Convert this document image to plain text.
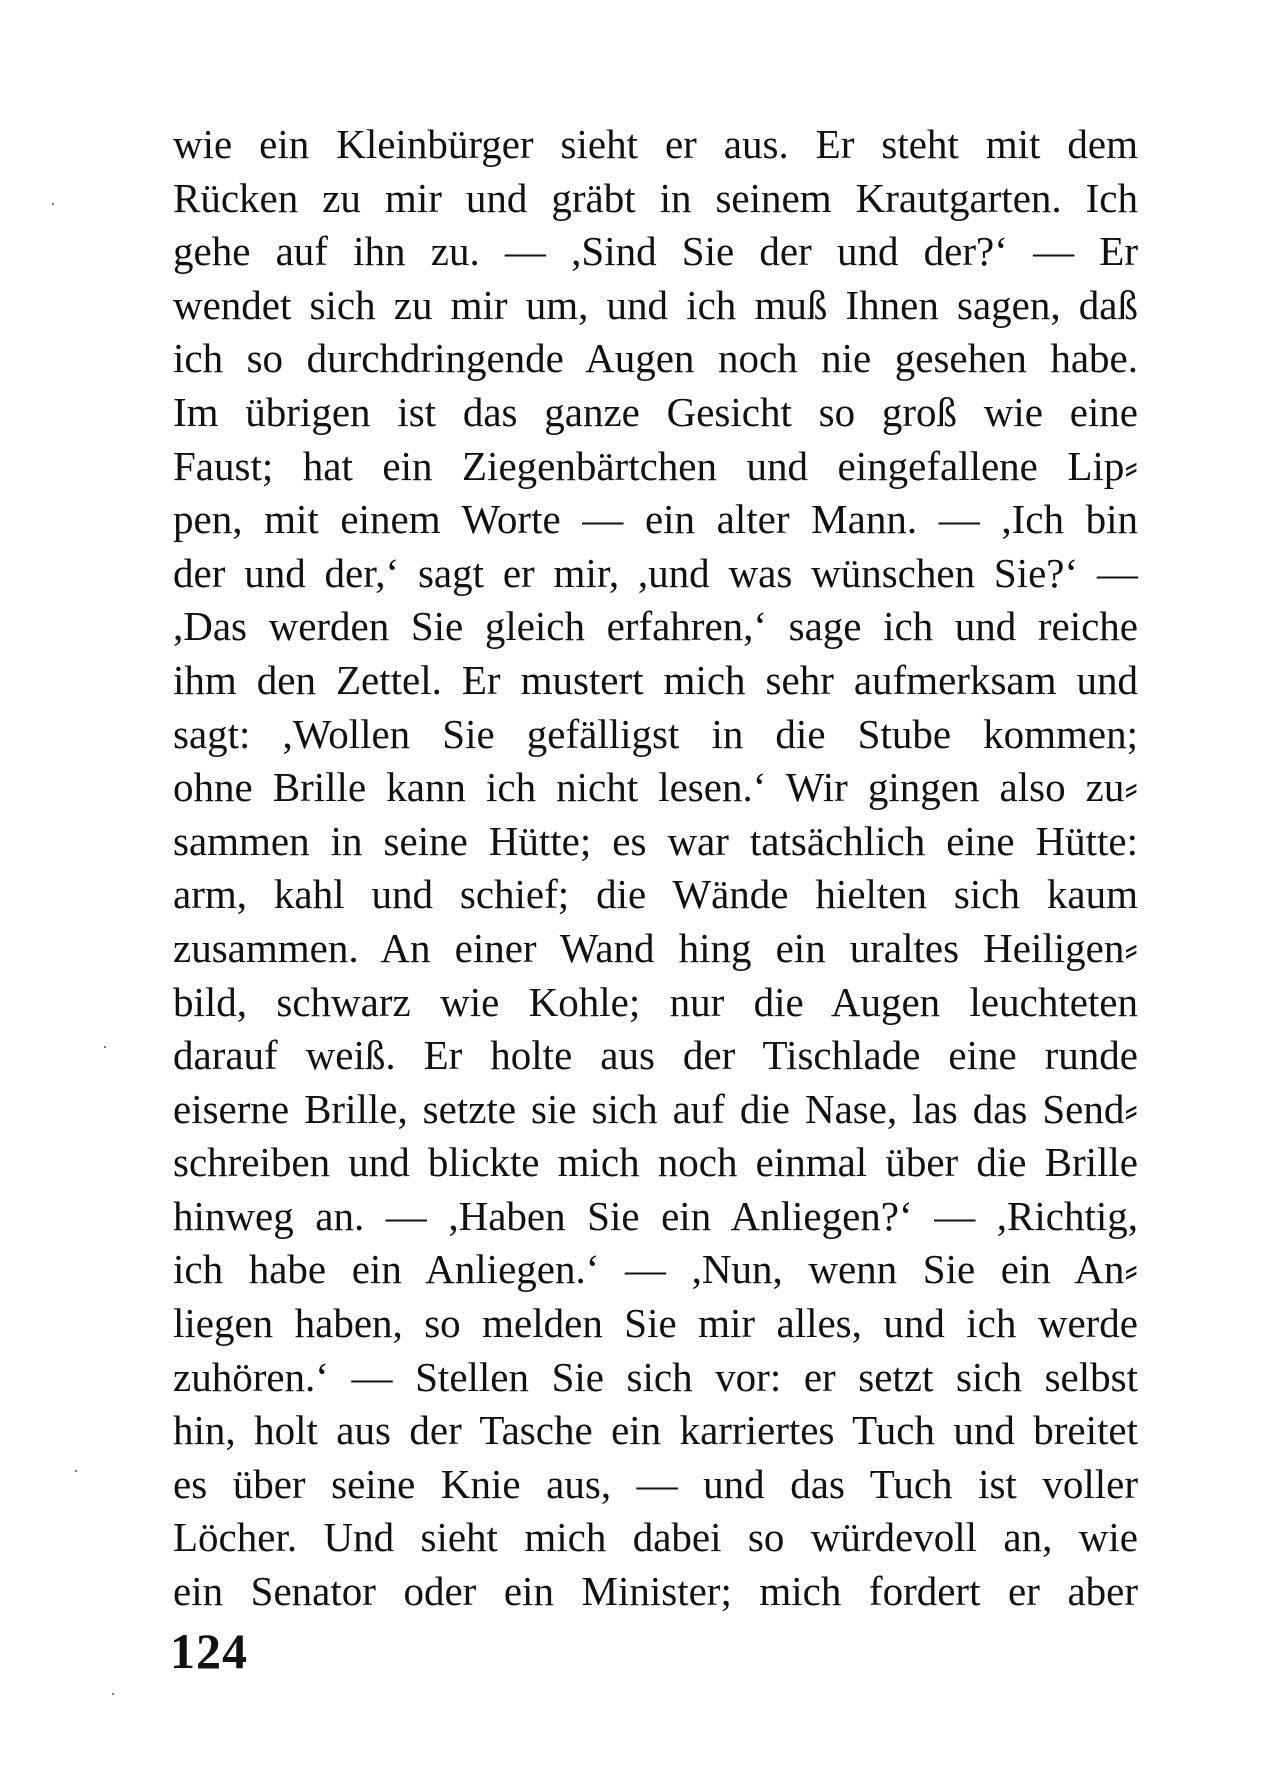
wie ein Kleinbürger sieht er aus. Er steht mit dem
Rücken zu mir und gräbt in seinem Krautgarten. Ich
gehe auf ihn zu. — ,Sind Sie der und der?‘ — Er
wendet sich zu mir um, und ich muß Ihnen sagen, daß
ich so durchdringende Augen noch nie gesehen habe.
Im übrigen ist das ganze Gesicht so groß wie eine
Faust; hat ein Ziegenbärtchen und eingefallene Lip⸗
pen, mit einem Worte — ein alter Mann. — ,Ich bin
der und der,‘ sagt er mir, ,und was wünschen Sie?‘ —
,Das werden Sie gleich erfahren,‘ sage ich und reiche
ihm den Zettel. Er mustert mich sehr aufmerksam und
sagt: ,Wollen Sie gefälligst in die Stube kommen;
ohne Brille kann ich nicht lesen.‘ Wir gingen also zu⸗
sammen in seine Hütte; es war tatsächlich eine Hütte:
arm, kahl und schief; die Wände hielten sich kaum
zusammen. An einer Wand hing ein uraltes Heiligen⸗
bild, schwarz wie Kohle; nur die Augen leuchteten
darauf weiß. Er holte aus der Tischlade eine runde
eiserne Brille, setzte sie sich auf die Nase, las das Send⸗
schreiben und blickte mich noch einmal über die Brille
hinweg an. — ,Haben Sie ein Anliegen?‘ — ,Richtig,
ich habe ein Anliegen.‘ — ,Nun, wenn Sie ein An⸗
liegen haben, so melden Sie mir alles, und ich werde
zuhören.‘ — Stellen Sie sich vor: er setzt sich selbst
hin, holt aus der Tasche ein karriertes Tuch und breitet
es über seine Knie aus, — und das Tuch ist voller
Löcher. Und sieht mich dabei so würdevoll an, wie
ein Senator oder ein Minister; mich fordert er aber
124
